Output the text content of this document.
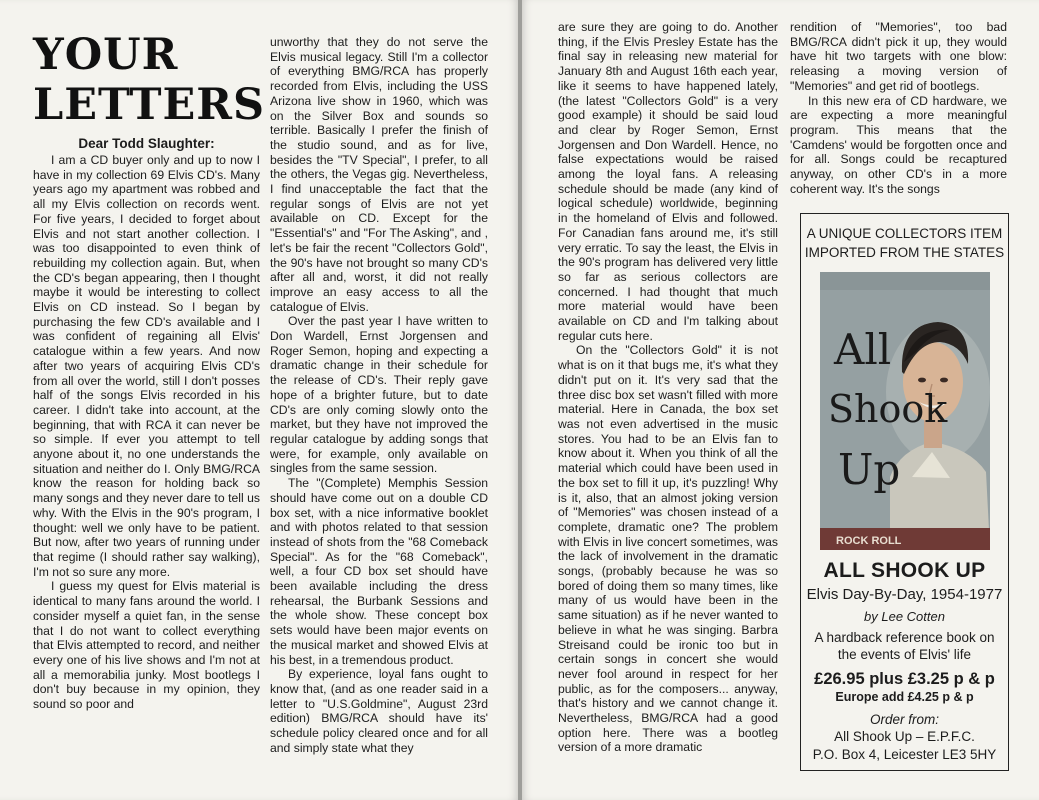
YOUR
LETTERS
Dear Todd Slaughter:

I am a CD buyer only and up to now I have in my collection 69 Elvis CD's. Many years ago my apartment was robbed and all my Elvis collection on records went. For five years, I decided to forget about Elvis and not start another collection. I was too disappointed to even think of rebuilding my collection again. But, when the CD's began appearing, then I thought maybe it would be interesting to collect Elvis on CD instead. So I began by purchasing the few CD's available and I was confident of regaining all Elvis' catalogue within a few years. And now after two years of acquiring Elvis CD's from all over the world, still I don't posses half of the songs Elvis recorded in his career. I didn't take into account, at the beginning, that with RCA it can never be so simple. If ever you attempt to tell anyone about it, no one understands the situation and neither do I. Only BMG/RCA know the reason for holding back so many songs and they never dare to tell us why. With the Elvis in the 90's program, I thought: well we only have to be patient. But now, after two years of running under that regime (I should rather say walking), I'm not so sure any more.

I guess my quest for Elvis material is identical to many fans around the world. I consider myself a quiet fan, in the sense that I do not want to collect everything that Elvis attempted to record, and neither every one of his live shows and I'm not at all a memorabilia junky. Most bootlegs I don't buy because in my opinion, they sound so poor and

unworthy that they do not serve the Elvis musical legacy. Still I'm a collector of everything BMG/RCA has properly recorded from Elvis, including the USS Arizona live show in 1960, which was on the Silver Box and sounds so terrible. Basically I prefer the finish of the studio sound, and as for live, besides the "TV Special", I prefer, to all the others, the Vegas gig. Nevertheless, I find unacceptable the fact that the regular songs of Elvis are not yet available on CD. Except for the "Essential's" and "For The Asking", and , let's be fair the recent "Collectors Gold", the 90's have not brought so many CD's after all and, worst, it did not really improve an easy access to all the catalogue of Elvis.

Over the past year I have written to Don Wardell, Ernst Jorgensen and Roger Semon, hoping and expecting a dramatic change in their schedule for the release of CD's. Their reply gave hope of a brighter future, but to date CD's are only coming slowly onto the market, but they have not improved the regular catalogue by adding songs that were, for example, only available on singles from the same session.

The "(Complete) Memphis Session should have come out on a double CD box set, with a nice informative booklet and with photos related to that session instead of shots from the "68 Comeback Special". As for the "68 Comeback", well, a four CD box set should have been available including the dress rehearsal, the Burbank Sessions and the whole show. These concept box sets would have been major events on the musical market and showed Elvis at his best, in a tremendous product.

By experience, loyal fans ought to know that, (and as one reader said in a letter to "U.S.Goldmine", August 23rd edition) BMG/RCA should have its' schedule policy cleared once and for all and simply state what they

are sure they are going to do. Another thing, if the Elvis Presley Estate has the final say in releasing new material for January 8th and August 16th each year, like it seems to have happened lately, (the latest "Collectors Gold" is a very good example) it should be said loud and clear by Roger Semon, Ernst Jorgensen and Don Wardell. Hence, no false expectations would be raised among the loyal fans. A releasing schedule should be made (any kind of logical schedule) worldwide, beginning in the homeland of Elvis and followed. For Canadian fans around me, it's still very erratic. To say the least, the Elvis in the 90's program has delivered very little so far as serious collectors are concerned. I had thought that much more material would have been available on CD and I'm talking about regular cuts here.

On the "Collectors Gold" it is not what is on it that bugs me, it's what they didn't put on it. It's very sad that the three disc box set wasn't filled with more material. Here in Canada, the box set was not even advertised in the music stores. You had to be an Elvis fan to know about it. When you think of all the material which could have been used in the box set to fill it up, it's puzzling! Why is it, also, that an almost joking version of "Memories" was chosen instead of a complete, dramatic one? The problem with Elvis in live concert sometimes, was the lack of involvement in the dramatic songs, (probably because he was so bored of doing them so many times, like many of us would have been in the same situation) as if he never wanted to believe in what he was singing. Barbra Streisand could be ironic too but in certain songs in concert she would never fool around in respect for her public, as for the composers... anyway, that's history and we cannot change it. Nevertheless, BMG/RCA had a good option here. There was a bootleg version of a more dramatic

rendition of "Memories", too bad BMG/RCA didn't pick it up, they would have hit two targets with one blow: releasing a moving version of "Memories" and get rid of bootlegs.

In this new era of CD hardware, we are expecting a more meaningful program. This means that the 'Camdens' would be forgotten once and for all. Songs could be recaptured anyway, on other CD's in a more coherent way. It's the songs

A UNIQUE COLLECTORS ITEM
IMPORTED FROM THE STATES
ROCK ROLL
All
Shook
Up
ALL SHOOK UP
Elvis Day-By-Day, 1954-1977
by Lee Cotten
A hardback reference book on
the events of Elvis' life
£26.95 plus £3.25 p & p
Europe add £4.25 p & p
Order from:
All Shook Up – E.P.F.C.
P.O. Box 4, Leicester LE3 5HY
